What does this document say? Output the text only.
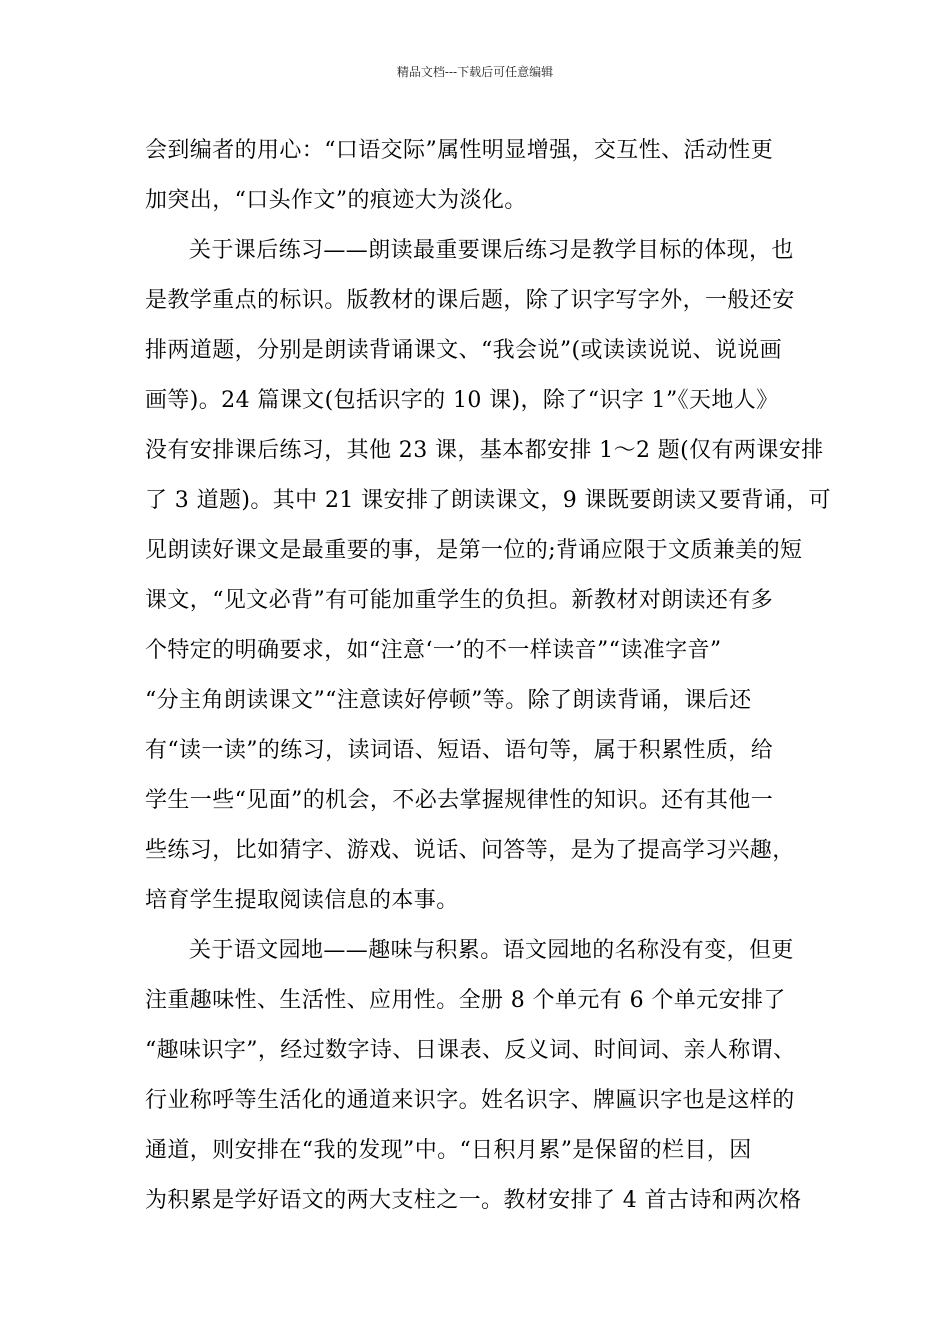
精品文档---下载后可任意编辑
会到编者的用心：“口语交际”属性明显增强，交互性、活动性更
加突出，“口头作文”的痕迹大为淡化。
关于课后练习——朗读最重要课后练习是教学目标的体现，也
是教学重点的标识。版教材的课后题，除了识字写字外，一般还安
排两道题，分别是朗读背诵课文、“我会说”(或读读说说、说说画
画等)。24 篇课文(包括识字的 10 课)，除了“识字 1”《天地人》
没有安排课后练习，其他 23 课，基本都安排 1～2 题(仅有两课安排
了 3 道题)。其中 21 课安排了朗读课文，9 课既要朗读又要背诵，可
见朗读好课文是最重要的事，是第一位的;背诵应限于文质兼美的短
课文，“见文必背”有可能加重学生的负担。新教材对朗读还有多
个特定的明确要求，如“注意‘一’的不一样读音”“读准字音”
“分主角朗读课文”“注意读好停顿”等。除了朗读背诵，课后还
有“读一读”的练习，读词语、短语、语句等，属于积累性质，给
学生一些“见面”的机会，不必去掌握规律性的知识。还有其他一
些练习，比如猜字、游戏、说话、问答等，是为了提高学习兴趣，
培育学生提取阅读信息的本事。
关于语文园地——趣味与积累。语文园地的名称没有变，但更
注重趣味性、生活性、应用性。全册 8 个单元有 6 个单元安排了
“趣味识字”，经过数字诗、日课表、反义词、时间词、亲人称谓、
行业称呼等生活化的通道来识字。姓名识字、牌匾识字也是这样的
通道，则安排在“我的发现”中。“日积月累”是保留的栏目，因
为积累是学好语文的两大支柱之一。教材安排了 4 首古诗和两次格
